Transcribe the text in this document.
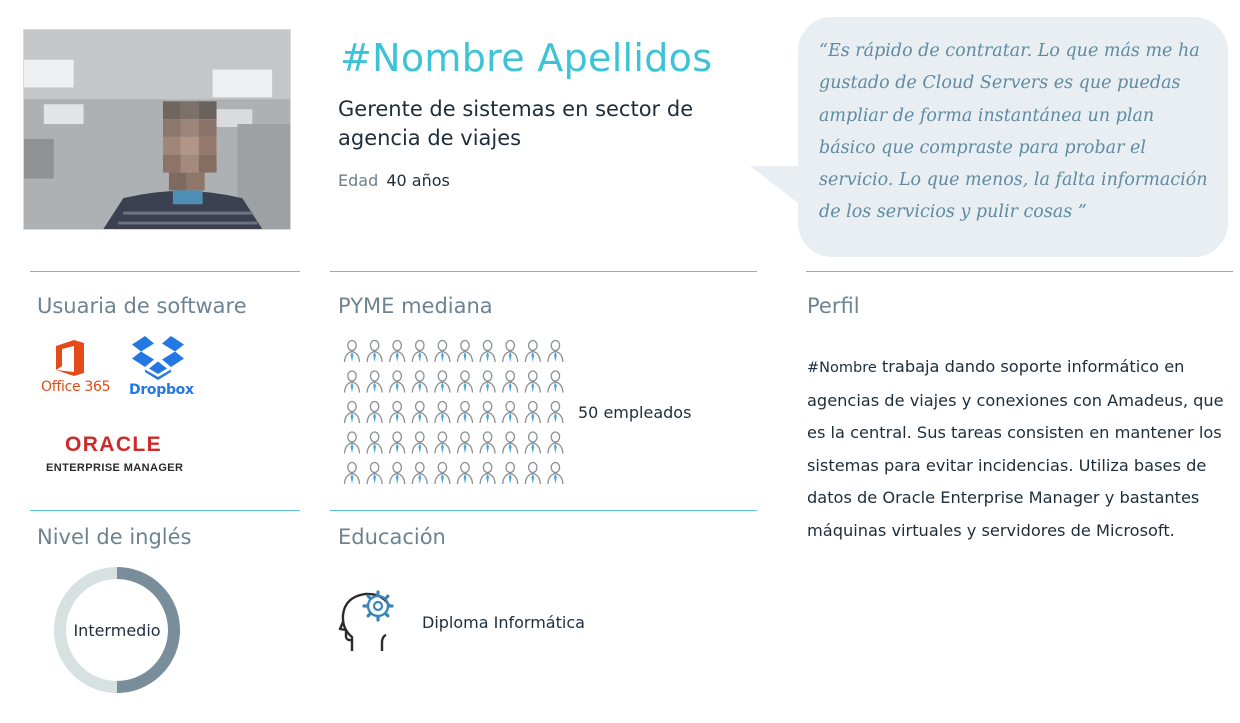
#Nombre Apellidos
Gerente de sistemas en sector de agencia de viajes
Edad 40 años
“Es rápido de contratar. Lo que más me ha gustado de Cloud Servers es que puedas ampliar de forma instantánea un plan básico que compraste para probar el servicio. Lo que menos, la falta información de los servicios y pulir cosas ”
Usuaria de software	PYME mediana	Perfil
Nivel de inglés	Educación
Office 365 Dropbox
ORACLE
ENTERPRISE MANAGER
50 empleados
Intermedio	Diploma Informática
#Nombre trabaja dando soporte informático en agencias de viajes y conexiones con Amadeus, que es la central. Sus tareas consisten en mantener los sistemas para evitar incidencias. Utiliza bases de datos de Oracle Enterprise Manager y bastantes máquinas virtuales y servidores de Microsoft.
